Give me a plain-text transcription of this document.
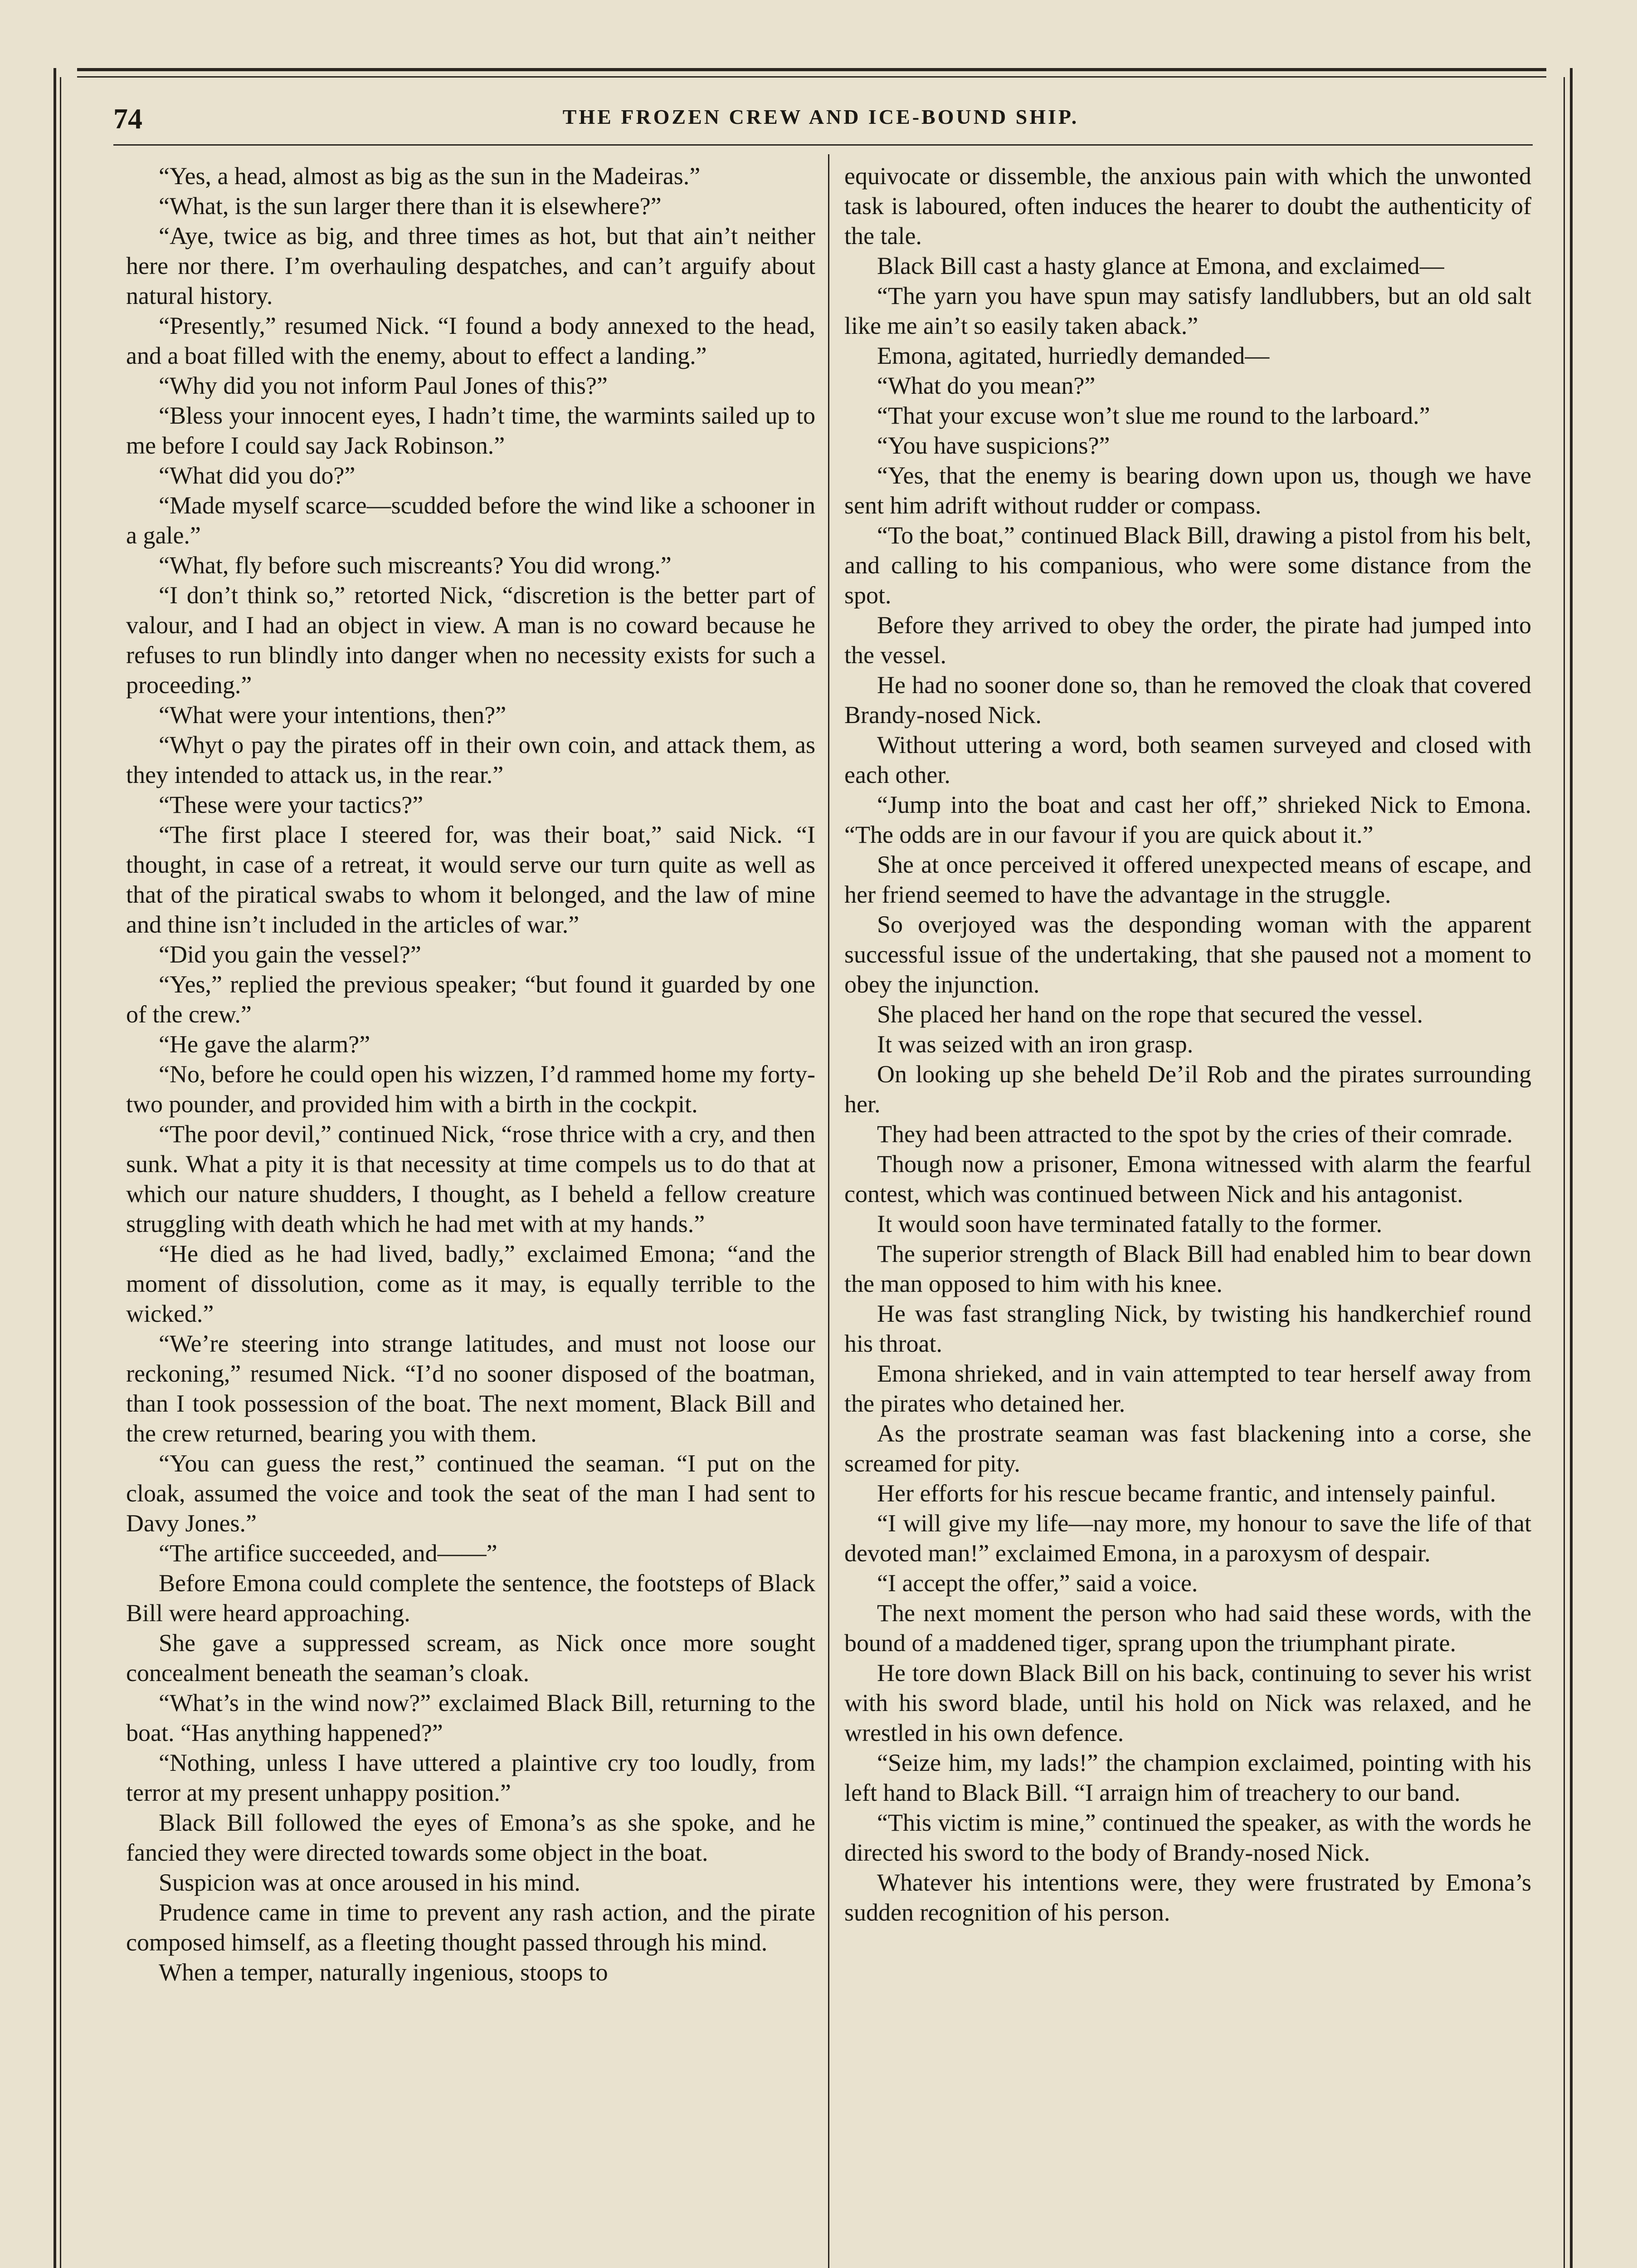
74	THE FROZEN CREW AND ICE-BOUND SHIP.

“Yes, a head, almost as big as the sun in the Madeiras.”

“What, is the sun larger there than it is elsewhere?”

“Aye, twice as big, and three times as hot, but that ain’t neither here nor there. I’m overhauling despatches, and can’t arguify about natural history.

“Presently,” resumed Nick. “I found a body annexed to the head, and a boat filled with the enemy, about to effect a landing.”

“Why did you not inform Paul Jones of this?”

“Bless your innocent eyes, I hadn’t time, the warmints sailed up to me before I could say Jack Robinson.”

“What did you do?”

“Made myself scarce—scudded before the wind like a schooner in a gale.”

“What, fly before such miscreants? You did wrong.”

“I don’t think so,” retorted Nick, “discretion is the better part of valour, and I had an object in view. A man is no coward because he refuses to run blindly into danger when no necessity exists for such a proceeding.”

“What were your intentions, then?”

“Whyt o pay the pirates off in their own coin, and attack them, as they intended to attack us, in the rear.”

“These were your tactics?”

“The first place I steered for, was their boat,” said Nick. “I thought, in case of a retreat, it would serve our turn quite as well as that of the piratical swabs to whom it belonged, and the law of mine and thine isn’t included in the articles of war.”

“Did you gain the vessel?”

“Yes,” replied the previous speaker; “but found it guarded by one of the crew.”

“He gave the alarm?”

“No, before he could open his wizzen, I’d rammed home my forty-two pounder, and provided him with a birth in the cockpit.

“The poor devil,” continued Nick, “rose thrice with a cry, and then sunk. What a pity it is that necessity at time compels us to do that at which our nature shudders, I thought, as I beheld a fellow creature struggling with death which he had met with at my hands.”

“He died as he had lived, badly,” exclaimed Emona; “and the moment of dissolution, come as it may, is equally terrible to the wicked.”

“We’re steering into strange latitudes, and must not loose our reckoning,” resumed Nick. “I’d no sooner disposed of the boatman, than I took possession of the boat. The next moment, Black Bill and the crew returned, bearing you with them.

“You can guess the rest,” continued the seaman. “I put on the cloak, assumed the voice and took the seat of the man I had sent to Davy Jones.”

“The artifice succeeded, and——”

Before Emona could complete the sentence, the footsteps of Black Bill were heard approaching.

She gave a suppressed scream, as Nick once more sought concealment beneath the seaman’s cloak.

“What’s in the wind now?” exclaimed Black Bill, returning to the boat. “Has anything happened?”

“Nothing, unless I have uttered a plaintive cry too loudly, from terror at my present unhappy position.”

Black Bill followed the eyes of Emona’s as she spoke, and he fancied they were directed towards some object in the boat.

Suspicion was at once aroused in his mind.

Prudence came in time to prevent any rash action, and the pirate composed himself, as a fleeting thought passed through his mind.

When a temper, naturally ingenious, stoops to

equivocate or dissemble, the anxious pain with which the unwonted task is laboured, often induces the hearer to doubt the authenticity of the tale.

Black Bill cast a hasty glance at Emona, and exclaimed—

“The yarn you have spun may satisfy landlubbers, but an old salt like me ain’t so easily taken aback.”

Emona, agitated, hurriedly demanded—

“What do you mean?”

“That your excuse won’t slue me round to the larboard.”

“You have suspicions?”

“Yes, that the enemy is bearing down upon us, though we have sent him adrift without rudder or compass.

“To the boat,” continued Black Bill, drawing a pistol from his belt, and calling to his companious, who were some distance from the spot.

Before they arrived to obey the order, the pirate had jumped into the vessel.

He had no sooner done so, than he removed the cloak that covered Brandy-nosed Nick.

Without uttering a word, both seamen surveyed and closed with each other.

“Jump into the boat and cast her off,” shrieked Nick to Emona. “The odds are in our favour if you are quick about it.”

She at once perceived it offered unexpected means of escape, and her friend seemed to have the advantage in the struggle.

So overjoyed was the desponding woman with the apparent successful issue of the undertaking, that she paused not a moment to obey the injunction.

She placed her hand on the rope that secured the vessel.

It was seized with an iron grasp.

On looking up she beheld De’il Rob and the pirates surrounding her.

They had been attracted to the spot by the cries of their comrade.

Though now a prisoner, Emona witnessed with alarm the fearful contest, which was continued between Nick and his antagonist.

It would soon have terminated fatally to the former.

The superior strength of Black Bill had enabled him to bear down the man opposed to him with his knee.

He was fast strangling Nick, by twisting his handkerchief round his throat.

Emona shrieked, and in vain attempted to tear herself away from the pirates who detained her.

As the prostrate seaman was fast blackening into a corse, she screamed for pity.

Her efforts for his rescue became frantic, and intensely painful.

“I will give my life—nay more, my honour to save the life of that devoted man!” exclaimed Emona, in a paroxysm of despair.

“I accept the offer,” said a voice.

The next moment the person who had said these words, with the bound of a maddened tiger, sprang upon the triumphant pirate.

He tore down Black Bill on his back, continuing to sever his wrist with his sword blade, until his hold on Nick was relaxed, and he wrestled in his own defence.

“Seize him, my lads!” the champion exclaimed, pointing with his left hand to Black Bill. “I arraign him of treachery to our band.

“This victim is mine,” continued the speaker, as with the words he directed his sword to the body of Brandy-nosed Nick.

Whatever his intentions were, they were frustrated by Emona’s sudden recognition of his person.
